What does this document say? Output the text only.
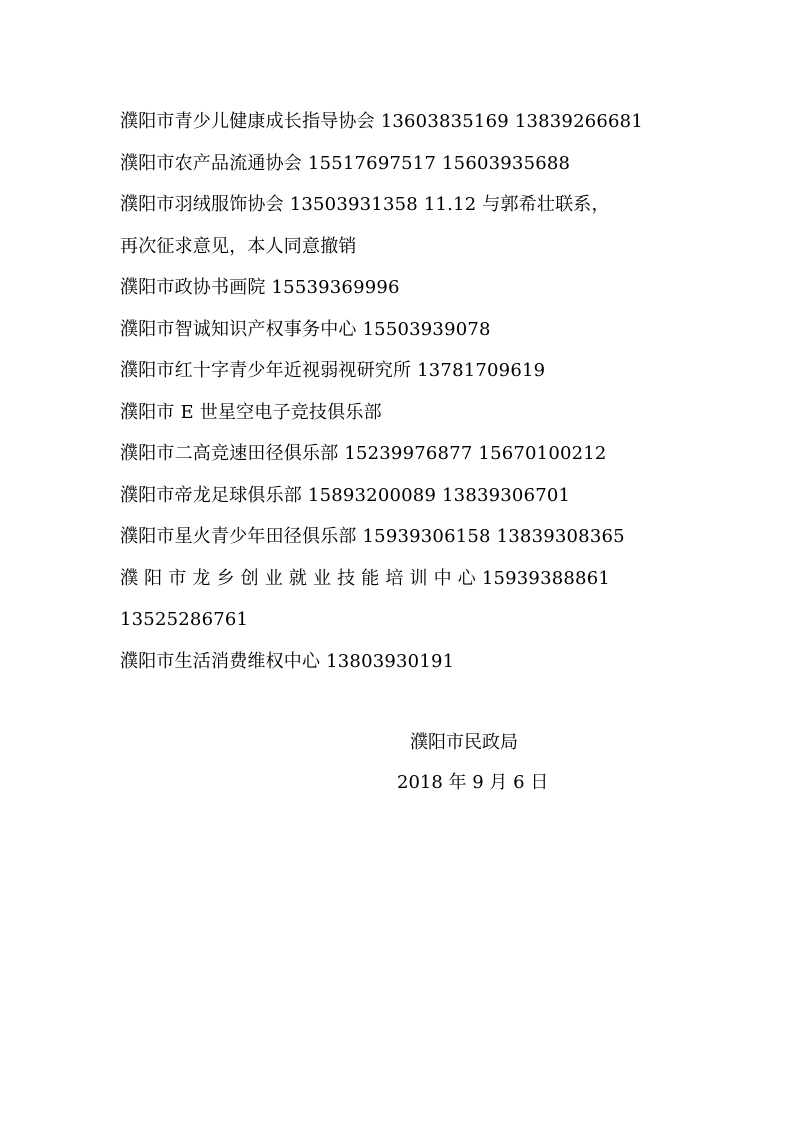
濮阳市青少儿健康成长指导协会 13603835169 13839266681
濮阳市农产品流通协会 15517697517 15603935688
濮阳市羽绒服饰协会 13503931358 11.12 与郭希壮联系，
再次征求意见，本人同意撤销
濮阳市政协书画院 15539369996
濮阳市智诚知识产权事务中心 15503939078
濮阳市红十字青少年近视弱视研究所 13781709619
濮阳市 E 世星空电子竞技俱乐部
濮阳市二高竞速田径俱乐部 15239976877 15670100212
濮阳市帝龙足球俱乐部 15893200089 13839306701
濮阳市星火青少年田径俱乐部 15939306158 13839308365
濮 阳 市 龙 乡 创 业 就 业 技 能 培 训 中 心 15939388861
13525286761
濮阳市生活消费维权中心 13803930191
濮阳市民政局
2018 年 9 月 6 日
